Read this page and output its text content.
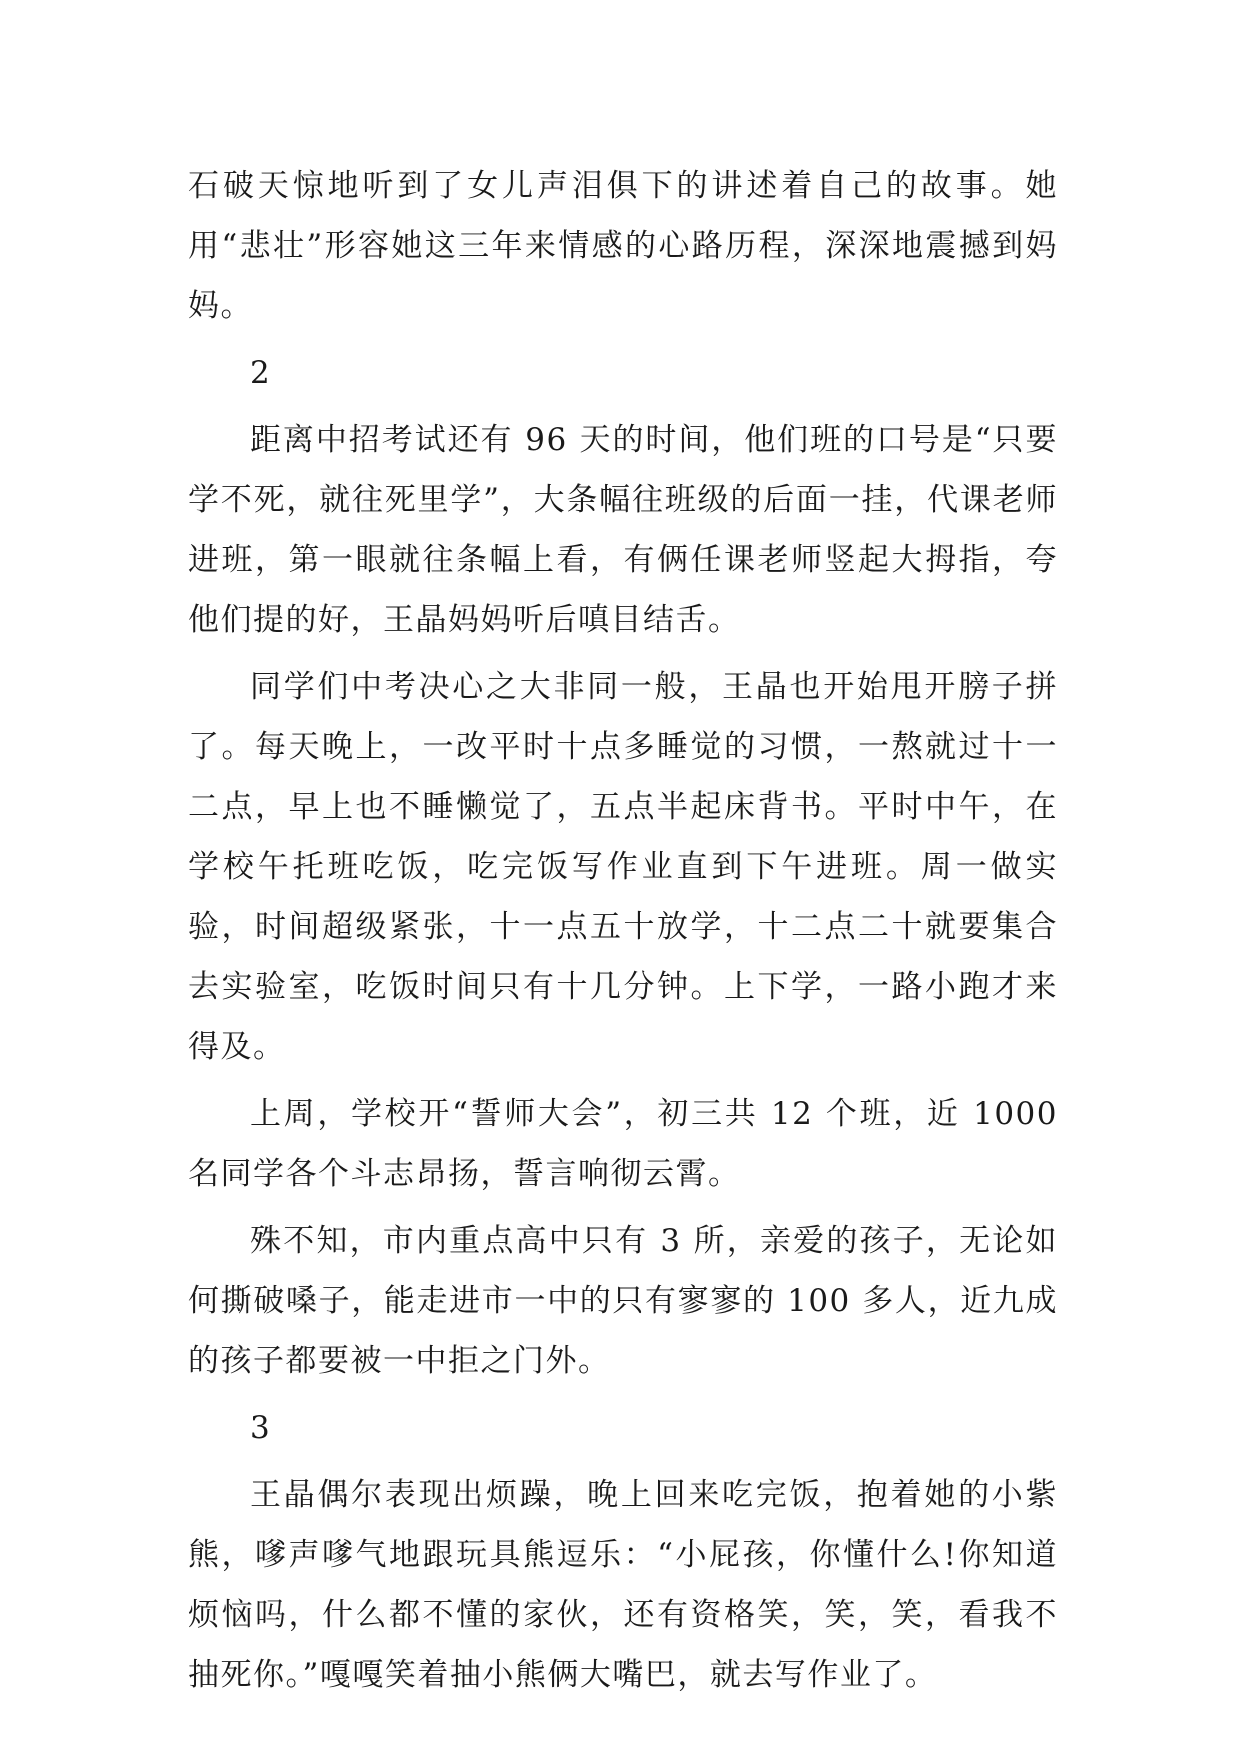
石破天惊地听到了女儿声泪俱下的讲述着自己的故事。她用“悲壮”形容她这三年来情感的心路历程，深深地震撼到妈妈。

2

距离中招考试还有 96 天的时间，他们班的口号是“只要学不死，就往死里学”，大条幅往班级的后面一挂，代课老师进班，第一眼就往条幅上看，有俩任课老师竖起大拇指，夸他们提的好，王晶妈妈听后嗔目结舌。

同学们中考决心之大非同一般，王晶也开始甩开膀子拼了。每天晚上，一改平时十点多睡觉的习惯，一熬就过十一二点，早上也不睡懒觉了，五点半起床背书。平时中午，在学校午托班吃饭，吃完饭写作业直到下午进班。周一做实验，时间超级紧张，十一点五十放学，十二点二十就要集合去实验室，吃饭时间只有十几分钟。上下学，一路小跑才来得及。

上周，学校开“誓师大会”，初三共 12 个班，近 1000 名同学各个斗志昂扬，誓言响彻云霄。

殊不知，市内重点高中只有 3 所，亲爱的孩子，无论如何撕破嗓子，能走进市一中的只有寥寥的 100 多人，近九成的孩子都要被一中拒之门外。

3

王晶偶尔表现出烦躁，晚上回来吃完饭，抱着她的小紫熊，嗲声嗲气地跟玩具熊逗乐：“小屁孩，你懂什么!你知道烦恼吗，什么都不懂的家伙，还有资格笑，笑，笑，看我不抽死你。”嘎嘎笑着抽小熊俩大嘴巴，就去写作业了。
